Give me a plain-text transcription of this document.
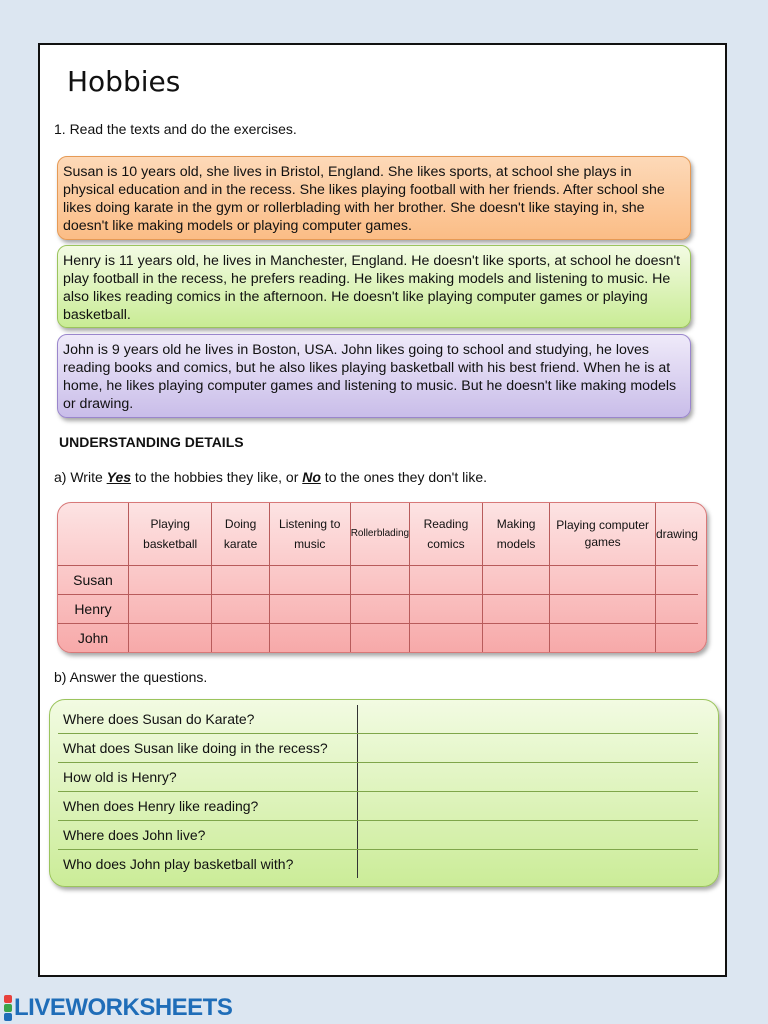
Hobbies
1. Read the texts and do the exercises.
Susan is 10 years old, she lives in Bristol, England. She likes sports, at school she plays in physical education and in the recess. She likes playing football with her friends. After school she likes doing karate in the gym or rollerblading with her brother. She doesn't like staying in, she doesn't like making models or playing computer games.
Henry is 11 years old, he lives in Manchester, England. He doesn't like sports, at school he doesn't play football in the recess, he prefers reading. He likes making models and listening to music. He also likes reading comics in the afternoon. He doesn't like playing computer games or playing basketball.
John is 9 years old he lives in Boston, USA. John likes going to school and studying, he loves reading books and comics, but he also likes playing basketball with his best friend. When he is at home, he likes playing computer games and listening to music. But he doesn't like making models or drawing.
UNDERSTANDING DETAILS
a) Write Yes to the hobbies they like, or No to the ones they don't like.
	Playing basketball	Doing karate	Listening to music	Rollerblading	Reading comics	Making models	Playing computer games	drawing
Susan								
Henry								
John								
b) Answer the questions.
Where does Susan do Karate?	
What does Susan like doing in the recess?	
How old is Henry?	
When does Henry like reading?	
Where does John live?	
Who does John play basketball with?	
LIVEWORKSHEETS
